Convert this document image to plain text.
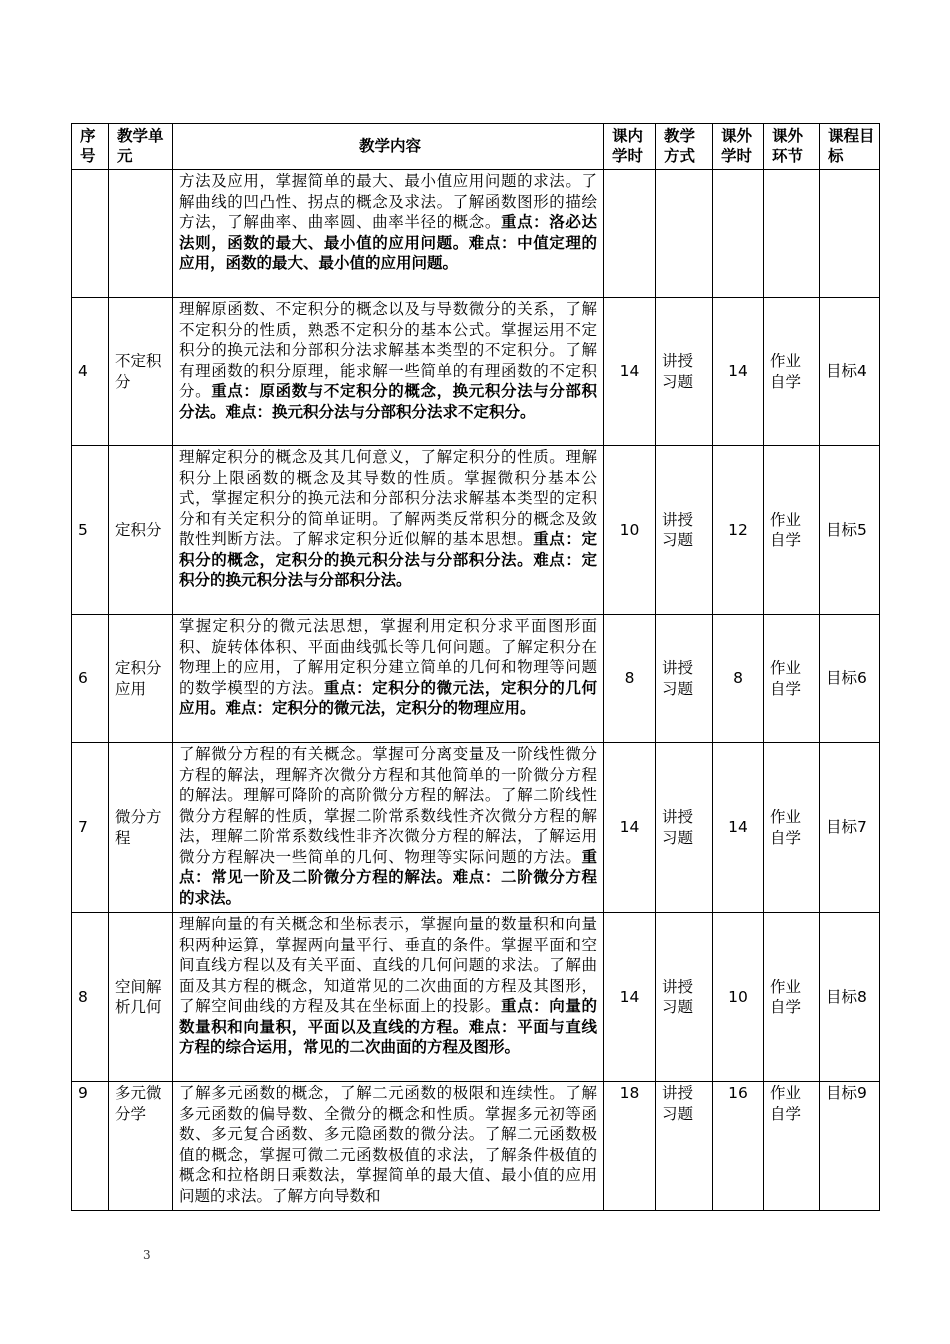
序号	教学单元	教学内容	课内学时	教学方式	课外学时	课外环节	课程目标
		方法及应用，掌握简单的最大、最小值应用问题的求法。了解曲线的凹凸性、拐点的概念及求法。了解函数图形的描绘方法，了解曲率、曲率圆、曲率半径的概念。重点：洛必达法则，函数的最大、最小值的应用问题。难点：中值定理的应用，函数的最大、最小值的应用问题。					
4	不定积分	理解原函数、不定积分的概念以及与导数微分的关系，了解不定积分的性质，熟悉不定积分的基本公式。掌握运用不定积分的换元法和分部积分法求解基本类型的不定积分。了解有理函数的积分原理，能求解一些简单的有理函数的不定积分。重点：原函数与不定积分的概念，换元积分法与分部积分法。难点：换元积分法与分部积分法求不定积分。	14	讲授习题	14	作业自学	目标4

5	定积分	理解定积分的概念及其几何意义，了解定积分的性质。理解积分上限函数的概念及其导数的性质。掌握微积分基本公式，掌握定积分的换元法和分部积分法求解基本类型的定积分和有关定积分的简单证明。了解两类反常积分的概念及敛散性判断方法。了解求定积分近似解的基本思想。重点：定积分的概念，定积分的换元积分法与分部积分法。难点：定积分的换元积分法与分部积分法。	10	讲授习题	12	作业自学	目标5

6	定积分应用	掌握定积分的微元法思想，掌握利用定积分求平面图形面积、旋转体体积、平面曲线弧长等几何问题。了解定积分在物理上的应用，了解用定积分建立简单的几何和物理等问题的数学模型的方法。重点：定积分的微元法，定积分的几何应用。难点：定积分的微元法，定积分的物理应用。	8	讲授习题	8	作业自学	目标6

7	微分方程	了解微分方程的有关概念。掌握可分离变量及一阶线性微分方程的解法，理解齐次微分方程和其他简单的一阶微分方程的解法。理解可降阶的高阶微分方程的解法。了解二阶线性微分方程解的性质，掌握二阶常系数线性齐次微分方程的解法，理解二阶常系数线性非齐次微分方程的解法，了解运用微分方程解决一些简单的几何、物理等实际问题的方法。重点：常见一阶及二阶微分方程的解法。难点：二阶微分方程的求法。	14	讲授习题	14	作业自学	目标7

8	空间解析几何	理解向量的有关概念和坐标表示，掌握向量的数量积和向量积两种运算，掌握两向量平行、垂直的条件。掌握平面和空间直线方程以及有关平面、直线的几何问题的求法。了解曲面及其方程的概念，知道常见的二次曲面的方程及其图形，了解空间曲线的方程及其在坐标面上的投影。重点：向量的数量积和向量积，平面以及直线的方程。难点：平面与直线方程的综合运用，常见的二次曲面的方程及图形。	14	讲授习题	10	作业自学	目标8

9	多元微分学	了解多元函数的概念，了解二元函数的极限和连续性。了解多元函数的偏导数、全微分的概念和性质。掌握多元初等函数、多元复合函数、多元隐函数的微分法。了解二元函数极值的概念，掌握可微二元函数极值的求法，了解条件极值的概念和拉格朗日乘数法，掌握简单的最大值、最小值的应用问题的求法。了解方向导数和	18	讲授习题	16	作业自学	目标9
3
